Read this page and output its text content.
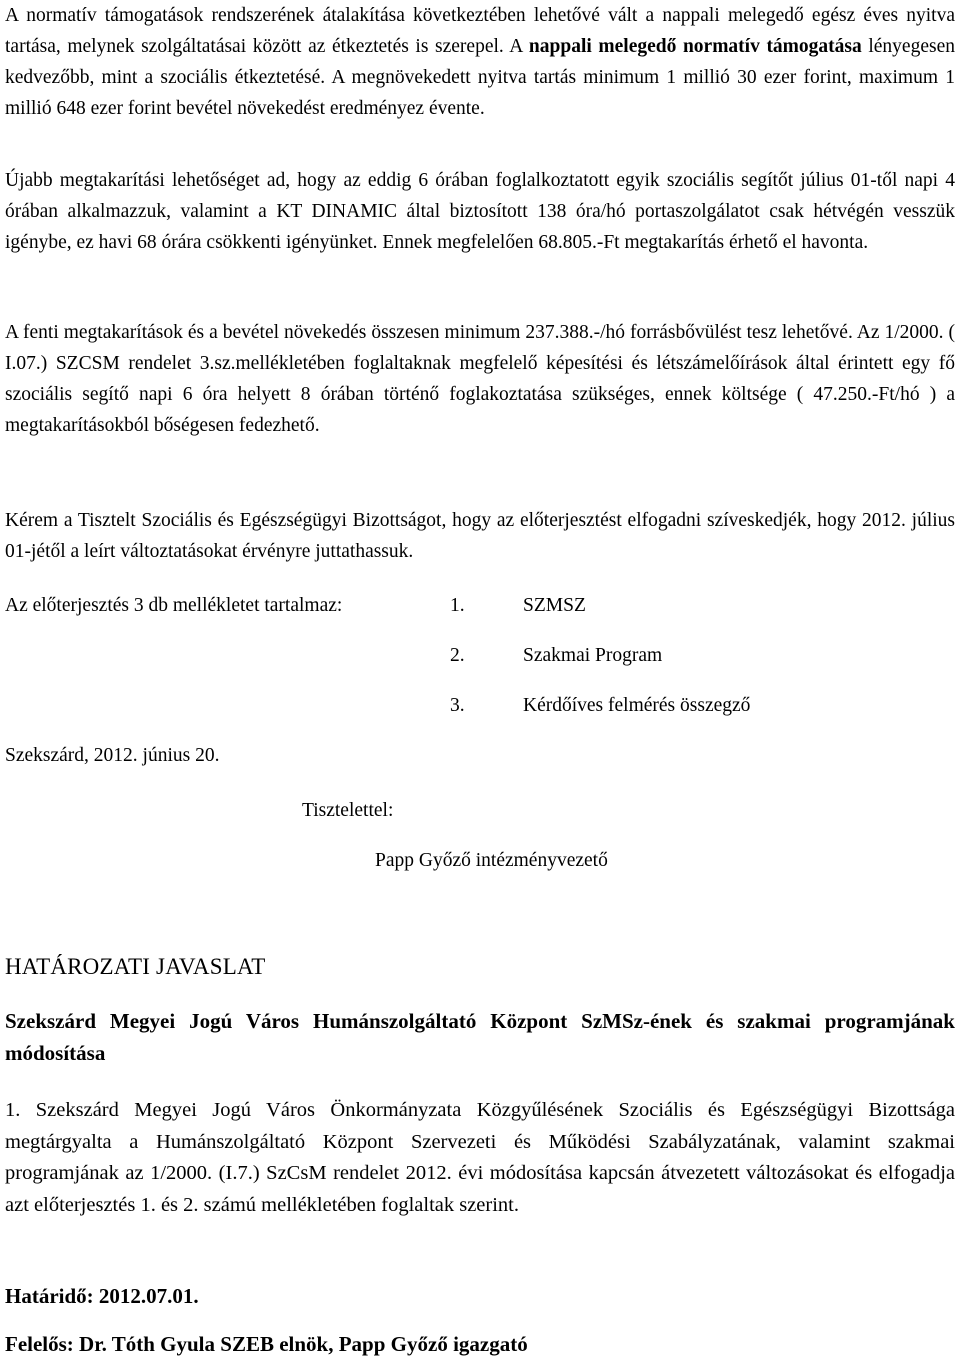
A normatív támogatások rendszerének átalakítása következtében lehetővé vált a nappali melegedő egész éves nyitva tartása, melynek szolgáltatásai között az étkeztetés is szerepel. A nappali melegedő normatív támogatása lényegesen kedvezőbb, mint a szociális étkeztetésé. A megnövekedett nyitva tartás minimum 1 millió 30 ezer forint, maximum 1 millió 648 ezer forint bevétel növekedést eredményez évente.

Újabb megtakarítási lehetőséget ad, hogy az eddig 6 órában foglalkoztatott egyik szociális segítőt július 01-től napi 4 órában alkalmazzuk, valamint a KT DINAMIC által biztosított 138 óra/hó portaszolgálatot csak hétvégén vesszük igénybe, ez havi 68 órára csökkenti igényünket. Ennek megfelelően 68.805.-Ft megtakarítás érhető el havonta.

Kérem a Tisztelt Szociális és Egészségügyi Bizottságot, hogy az előterjesztést elfogadni szíveskedjék, hogy 2012. július 01-jétől a leírt változtatásokat érvényre juttathassuk.

A fenti megtakarítások és a bevétel növekedés összesen minimum 237.388.-/hó forrásbővülést tesz lehetővé. Az 1/2000. ( I.07.) SZCSM rendelet 3.sz.mellékletében foglaltaknak megfelelő képesítési és létszámelőírások által érintett egy fő szociális segítő napi 6 óra helyett 8 órában történő foglakoztatása szükséges, ennek költsége ( 47.250.-Ft/hó ) a megtakarításokból bőségesen fedezhető.

Az előterjesztés 3 db mellékletet tartalmaz:	1.	SZMSZ
2.	Szakmai Program
3.	Kérdőíves felmérés összegző
Szekszárd, 2012. június 20.
Tisztelettel:
Papp Győző intézményvezető
HATÁROZATI JAVASLAT

Szekszárd Megyei Jogú Város Humánszolgáltató Központ SzMSz-ének és szakmai programjának módosítása

1. Szekszárd Megyei Jogú Város Önkormányzata Közgyűlésének Szociális és Egészségügyi Bizottsága megtárgyalta a Humánszolgáltató Központ Szervezeti és Működési Szabályzatának, valamint szakmai programjának az 1/2000. (I.7.) SzCsM rendelet 2012. évi módosítása kapcsán átvezetett változásokat és elfogadja azt előterjesztés 1. és 2. számú mellékletében foglaltak szerint.

Határidő: 2012.07.01.
Felelős: Dr. Tóth Gyula SZEB elnök, Papp Győző igazgató
